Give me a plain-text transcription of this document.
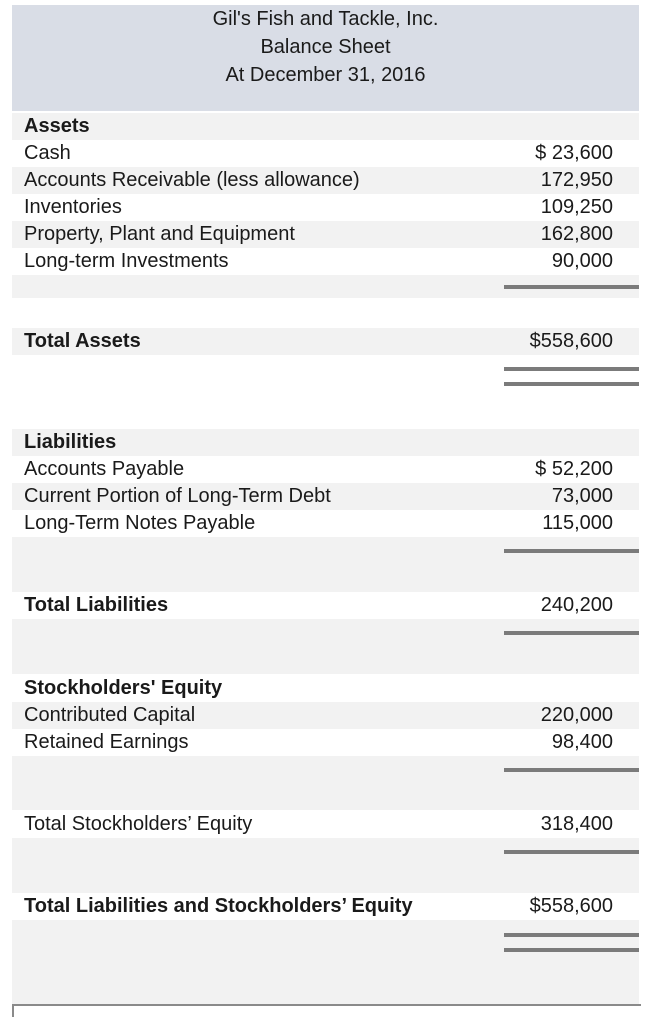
Gil's Fish and Tackle, Inc.
Balance Sheet
At December 31, 2016
Assets
Cash	$ 23,600
Accounts Receivable (less allowance)	172,950
Inventories	109,250
Property, Plant and Equipment	162,800
Long-term Investments	90,000
Total Assets	$558,600
Liabilities
Accounts Payable	$ 52,200
Current Portion of Long-Term Debt	73,000
Long-Term Notes Payable	115,000
Total Liabilities	240,200
Stockholders' Equity
Contributed Capital	220,000
Retained Earnings	98,400
Total Stockholders’ Equity	318,400
Total Liabilities and Stockholders’ Equity	$558,600
